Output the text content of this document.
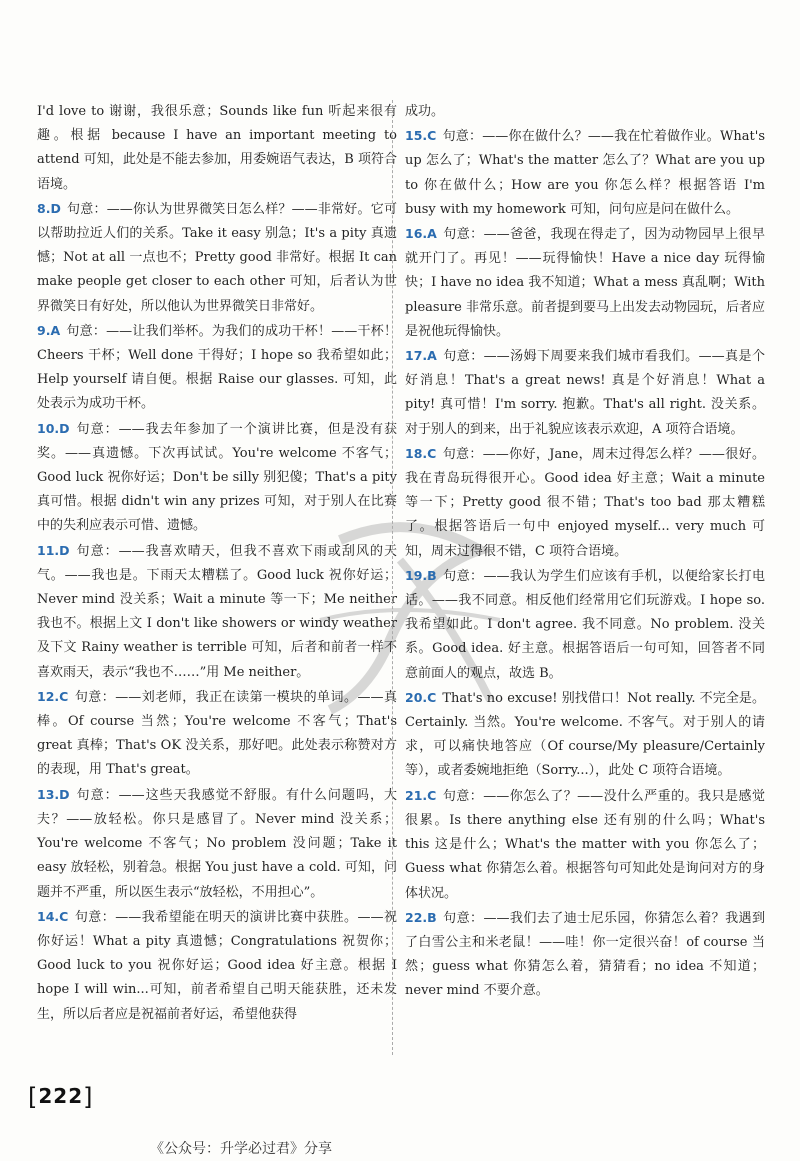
I'd love to 谢谢，我很乐意；Sounds like fun 听起来很有趣。根据 because I have an important meeting to attend 可知，此处是不能去参加，用委婉语气表达，B 项符合语境。

8.D 句意：——你认为世界微笑日怎么样？——非常好。它可以帮助拉近人们的关系。Take it easy 别急；It's a pity 真遗憾；Not at all 一点也不；Pretty good 非常好。根据 It can make people get closer to each other 可知，后者认为世界微笑日有好处，所以他认为世界微笑日非常好。

9.A 句意：——让我们举杯。为我们的成功干杯！——干杯！Cheers 干杯；Well done 干得好；I hope so 我希望如此；Help yourself 请自便。根据 Raise our glasses. 可知，此处表示为成功干杯。

10.D 句意：——我去年参加了一个演讲比赛，但是没有获奖。——真遗憾。下次再试试。You're welcome 不客气；Good luck 祝你好运；Don't be silly 别犯傻；That's a pity 真可惜。根据 didn't win any prizes 可知，对于别人在比赛中的失利应表示可惜、遗憾。

11.D 句意：——我喜欢晴天，但我不喜欢下雨或刮风的天气。——我也是。下雨天太糟糕了。Good luck 祝你好运；Never mind 没关系；Wait a minute 等一下；Me neither 我也不。根据上文 I don't like showers or windy weather 及下文 Rainy weather is terrible 可知，后者和前者一样不喜欢雨天，表示“我也不……”用 Me neither。

12.C 句意：——刘老师，我正在读第一模块的单词。——真棒。Of course 当然；You're welcome 不客气；That's great 真棒；That's OK 没关系，那好吧。此处表示称赞对方的表现，用 That's great。

13.D 句意：——这些天我感觉不舒服。有什么问题吗，大夫？——放轻松。你只是感冒了。Never mind 没关系；You're welcome 不客气；No problem 没问题；Take it easy 放轻松，别着急。根据 You just have a cold. 可知，问题并不严重，所以医生表示“放轻松，不用担心”。

14.C 句意：——我希望能在明天的演讲比赛中获胜。——祝你好运！What a pity 真遗憾；Congratulations 祝贺你；Good luck to you 祝你好运；Good idea 好主意。根据 I hope I will win...可知，前者希望自己明天能获胜，还未发生，所以后者应是祝福前者好运，希望他获得

成功。

15.C 句意：——你在做什么？——我在忙着做作业。What's up 怎么了；What's the matter 怎么了？What are you up to 你在做什么；How are you 你怎么样？根据答语 I'm busy with my homework 可知，问句应是问在做什么。

16.A 句意：——爸爸，我现在得走了，因为动物园早上很早就开门了。再见！——玩得愉快！Have a nice day 玩得愉快；I have no idea 我不知道；What a mess 真乱啊；With pleasure 非常乐意。前者提到要马上出发去动物园玩，后者应是祝他玩得愉快。

17.A 句意：——汤姆下周要来我们城市看我们。——真是个好消息！That's a great news! 真是个好消息！What a pity! 真可惜！I'm sorry. 抱歉。That's all right. 没关系。对于别人的到来，出于礼貌应该表示欢迎，A 项符合语境。

18.C 句意：——你好，Jane，周末过得怎么样？——很好。我在青岛玩得很开心。Good idea 好主意；Wait a minute 等一下；Pretty good 很不错；That's too bad 那太糟糕了。根据答语后一句中 enjoyed myself... very much 可知，周末过得很不错，C 项符合语境。

19.B 句意：——我认为学生们应该有手机，以便给家长打电话。——我不同意。相反他们经常用它们玩游戏。I hope so. 我希望如此。I don't agree. 我不同意。No problem. 没关系。Good idea. 好主意。根据答语后一句可知，回答者不同意前面人的观点，故选 B。

20.C That's no excuse! 别找借口！Not really. 不完全是。Certainly. 当然。You're welcome. 不客气。对于别人的请求，可以痛快地答应（Of course/My pleasure/Certainly 等），或者委婉地拒绝（Sorry...），此处 C 项符合语境。

21.C 句意：——你怎么了？——没什么严重的。我只是感觉很累。Is there anything else 还有别的什么吗；What's this 这是什么；What's the matter with you 你怎么了；Guess what 你猜怎么着。根据答句可知此处是询问对方的身体状况。

22.B 句意：——我们去了迪士尼乐园，你猜怎么着？我遇到了白雪公主和米老鼠！——哇！你一定很兴奋！of course 当然；guess what 你猜怎么着，猜猜看；no idea 不知道；never mind 不要介意。

[222]
《公众号：升学必过君》分享
